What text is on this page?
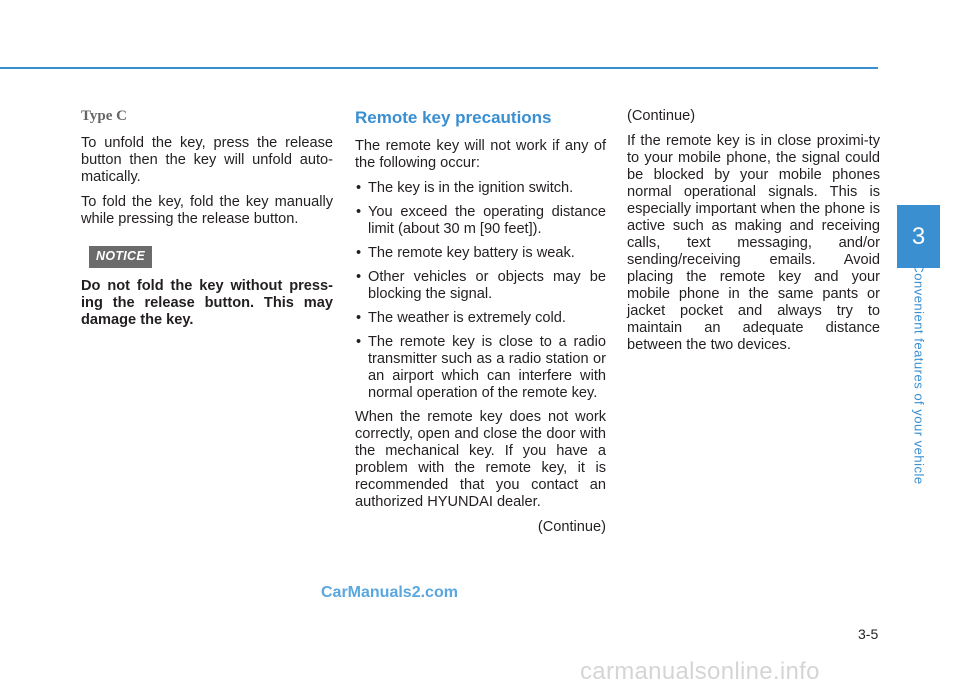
Type C

To unfold the key, press the release button then the key will unfold auto-matically.

To fold the key, fold the key manually while pressing the release button.

NOTICE

Do not fold the key without press-ing the release button. This may damage the key.

Remote key precautions

The remote key will not work if any of the following occur:

• The key is in the ignition switch.
• You exceed the operating distance limit (about 30 m [90 feet]).
• The remote key battery is weak.
• Other vehicles or objects may be blocking the signal.
• The weather is extremely cold.
• The remote key is close to a radio transmitter such as a radio station or an airport which can interfere with normal operation of the remote key.

When the remote key does not work correctly, open and close the door with the mechanical key. If you have a problem with the remote key, it is recommended that you contact an authorized HYUNDAI dealer.

(Continue)

(Continue)

If the remote key is in close proximi-ty to your mobile phone, the signal could be blocked by your mobile phones normal operational signals. This is especially important when the phone is active such as making and receiving calls, text messaging, and/or sending/receiving emails. Avoid placing the remote key and your mobile phone in the same pants or jacket pocket and always try to maintain an adequate distance between the two devices.

3
Convenient features of your vehicle
3-5
CarManuals2.com
carmanualsonline.info
